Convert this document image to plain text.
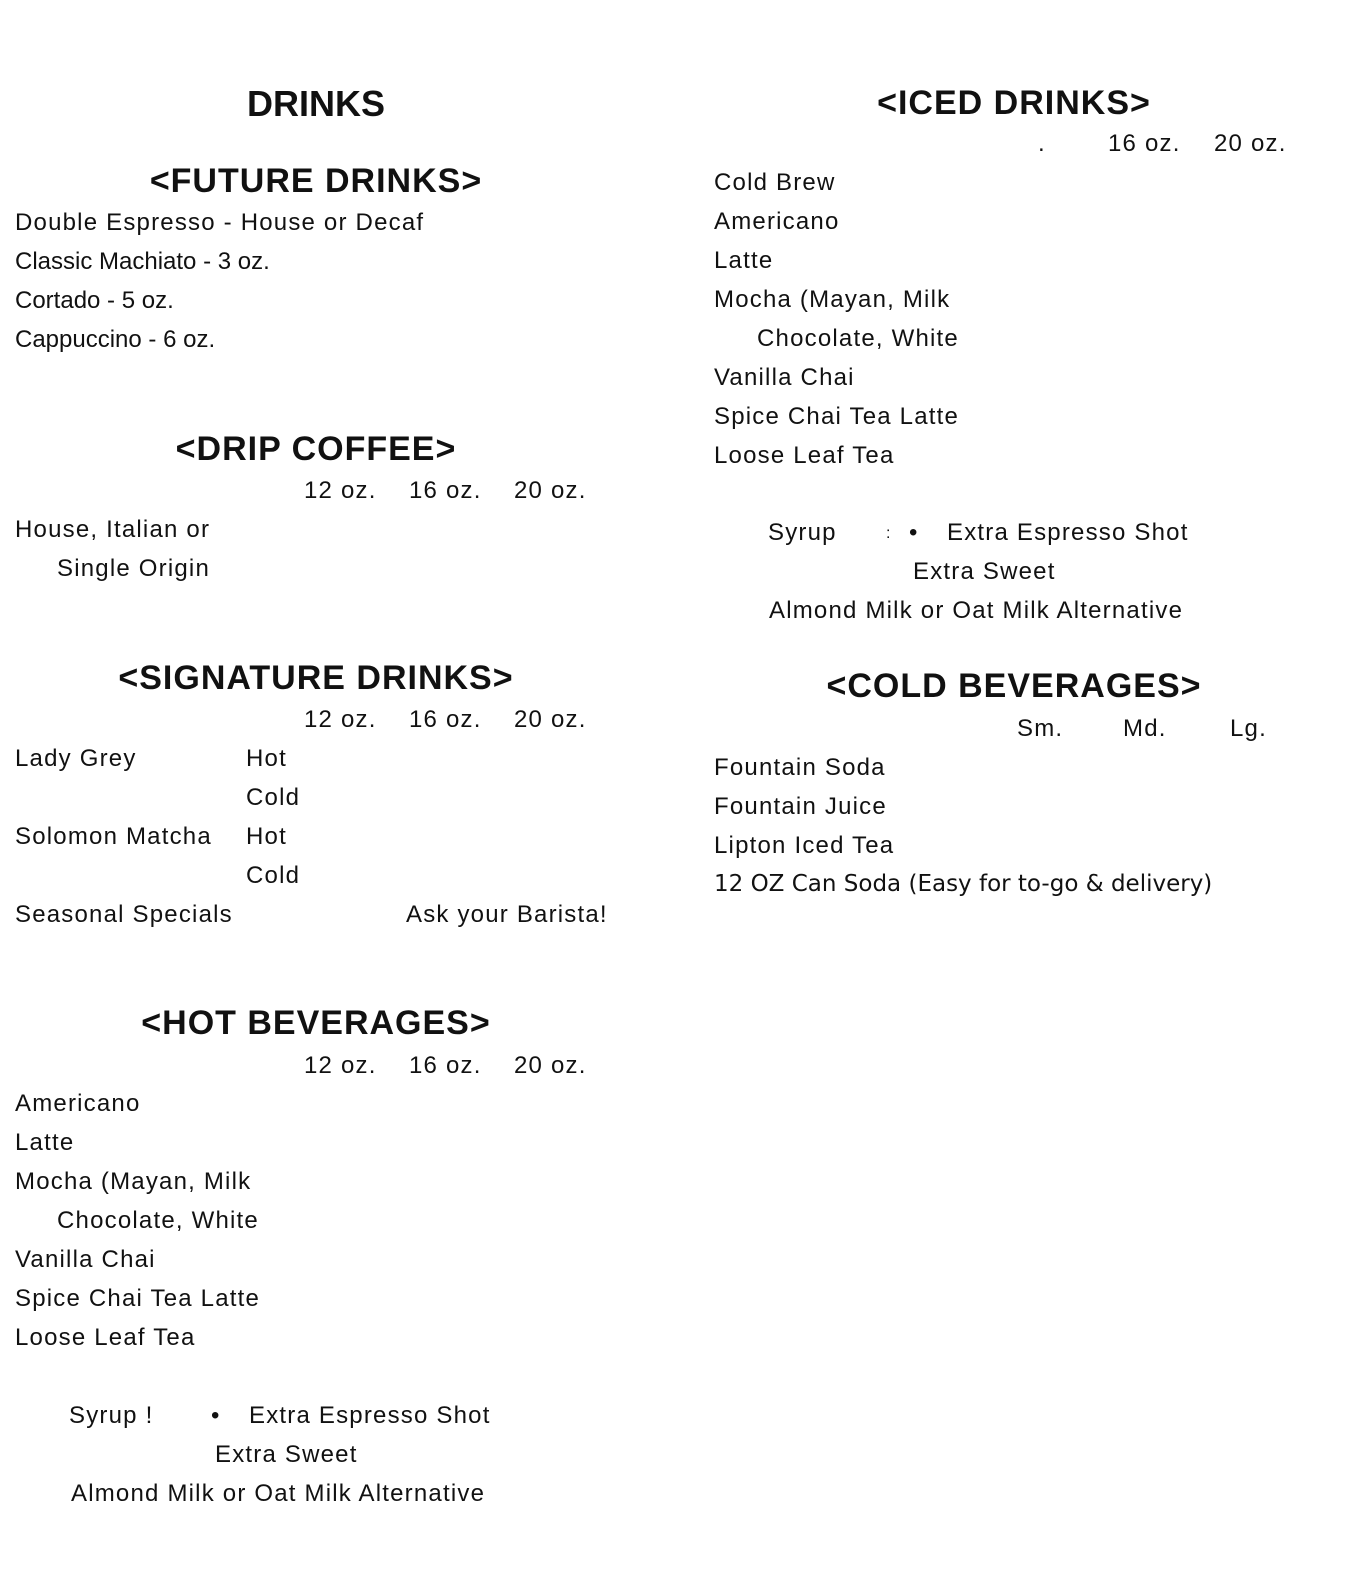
DRINKS
<FUTURE DRINKS>
Double Espresso - House or Decaf
Classic Machiato - 3 oz.
Cortado - 5 oz.
Cappuccino - 6 oz.
<DRIP COFFEE>
12 oz. 16 oz. 20 oz.
House, Italian or
Single Origin
<SIGNATURE DRINKS>
12 oz. 16 oz. 20 oz.
Lady Grey	Hot
Cold
Solomon Matcha Hot
Cold
Seasonal Specials	Ask your Barista!
<HOT BEVERAGES>
12 oz. 16 oz. 20 oz.
Americano
Latte
Mocha (Mayan, Milk
Chocolate, White
Vanilla Chai
Spice Chai Tea Latte
Loose Leaf Tea
Syrup ! • Extra Espresso Shot
Extra Sweet
Almond Milk or Oat Milk Alternative
<ICED DRINKS>
.	16 oz. 20 oz.
Cold Brew
Americano
Latte
Mocha (Mayan, Milk
Chocolate, White
Vanilla Chai
Spice Chai Tea Latte
Loose Leaf Tea
Syrup	: • Extra Espresso Shot
Extra Sweet
Almond Milk or Oat Milk Alternative
<COLD BEVERAGES>
Sm. Md.	Lg.
Fountain Soda
Fountain Juice
Lipton Iced Tea
12 OZ Can Soda (Easy for to-go & delivery)
